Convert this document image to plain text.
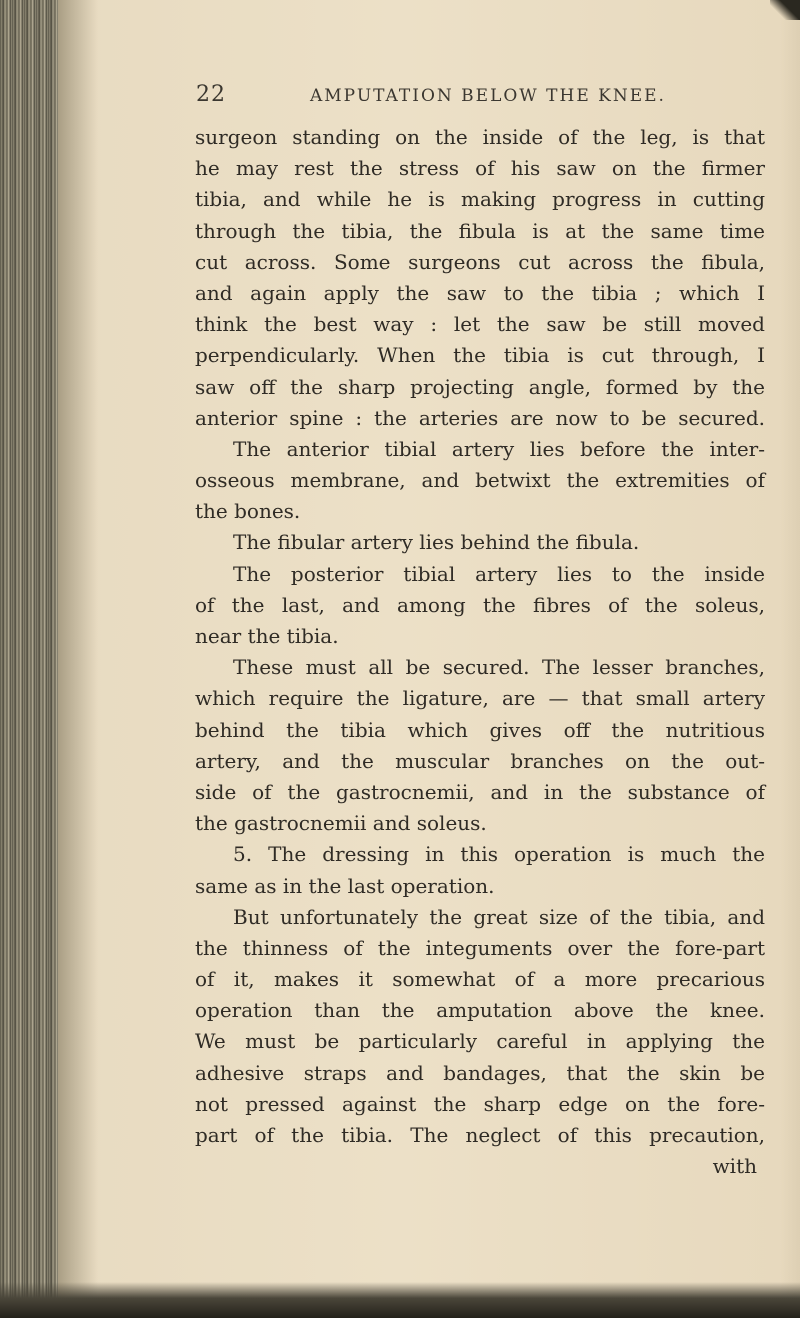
22	AMPUTATION BELOW THE KNEE.
surgeon standing on the inside of the leg, is that
he may rest the stress of his saw on the firmer
tibia, and while he is making progress in cutting
through the tibia, the fibula is at the same time
cut across. Some surgeons cut across the fibula,
and again apply the saw to the tibia ; which I
think the best way : let the saw be still moved
perpendicularly. When the tibia is cut through, I
saw off the sharp projecting angle, formed by the
anterior spine : the arteries are now to be secured.
The anterior tibial artery lies before the inter-
osseous membrane, and betwixt the extremities of
the bones.
The fibular artery lies behind the fibula.
The posterior tibial artery lies to the inside
of the last, and among the fibres of the soleus,
near the tibia.
These must all be secured. The lesser branches,
which require the ligature, are — that small artery
behind the tibia which gives off the nutritious
artery, and the muscular branches on the out-
side of the gastrocnemii, and in the substance of
the gastrocnemii and soleus.
5. The dressing in this operation is much the
same as in the last operation.
But unfortunately the great size of the tibia, and
the thinness of the integuments over the fore-part
of it, makes it somewhat of a more precarious
operation than the amputation above the knee.
We must be particularly careful in applying the
adhesive straps and bandages, that the skin be
not pressed against the sharp edge on the fore-
part of the tibia. The neglect of this precaution,
with
